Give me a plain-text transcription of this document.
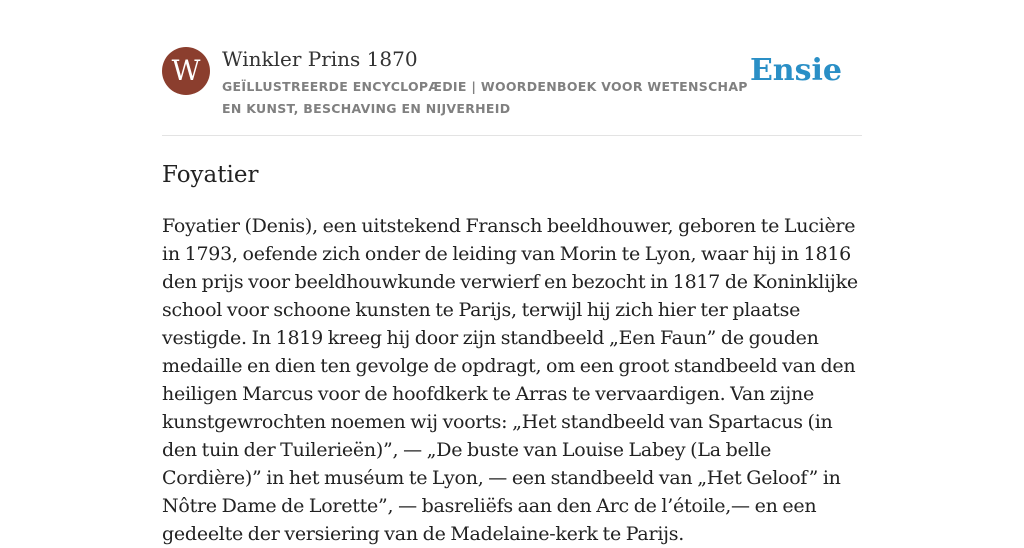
W	Winkler Prins 1870
GEÏLLUSTREERDE ENCYCLOPÆDIE | WOORDENBOEK VOOR WETENSCHAP EN KUNST, BESCHAVING EN NIJVERHEID
Ensie
Foyatier

Foyatier (Denis), een uitstekend Fransch beeldhouwer, geboren te Lucière in 1793, oefende zich onder de leiding van Morin te Lyon, waar hij in 1816 den prijs voor beeldhouwkunde verwierf en bezocht in 1817 de Koninklijke school voor schoone kunsten te Parijs, terwijl hij zich hier ter plaatse vestigde. In 1819 kreeg hij door zijn standbeeld „Een Faun” de gouden medaille en dien ten gevolge de opdragt, om een groot standbeeld van den heiligen Marcus voor de hoofdkerk te Arras te vervaardigen. Van zijne kunstgewrochten noemen wij voorts: „Het standbeeld van Spartacus (in den tuin der Tuilerieën)”, — „De buste van Louise Labey (La belle Cordière)” in het muséum te Lyon, — een standbeeld van „Het Geloof” in Nôtre Dame de Lorette”, — basreliëfs aan den Arc de l’étoile,— en een gedeelte der versiering van de Madelaine-kerk te Parijs.
